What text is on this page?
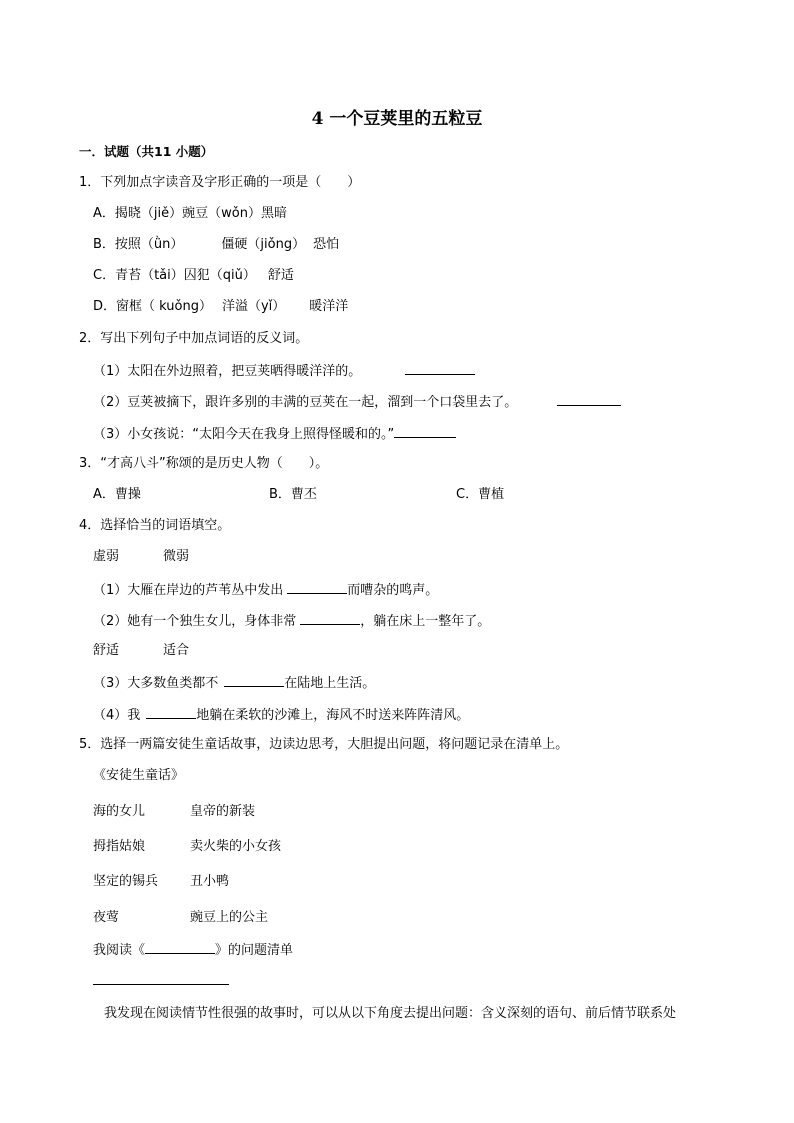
4 一个豆荚里的五粒豆
一．试题（共11 小题）
1．下列加点字读音及字形正确的一项是（　　）
A．揭晓（jiě）豌豆（wǒn）黑暗
B．按照（ǜn）	僵硬（jiǒng） 恐怕
C．青苔（tǎi）囚犯（qiǔ） 舒适
D．窗框（ kuǒng） 洋溢（yǐ） 暖洋洋
2．写出下列句子中加点词语的反义词。
（1）太阳在外边照着，把豆荚晒得暖洋洋的。
（2）豆荚被摘下，跟许多别的丰满的豆荚在一起，溜到一个口袋里去了。
（3）小女孩说：“太阳今天在我身上照得怪暖和的。”
3．“才高八斗”称颂的是历史人物（　　）。
A．曹操	B．曹丕	C．曹植
4．选择恰当的词语填空。
虚弱	微弱
（1）大雁在岸边的芦苇丛中发出	而嘈杂的鸣声。
（2）她有一个独生女儿，身体非常	，躺在床上一整年了。
舒适	适合
（3）大多数鱼类都不	在陆地上生活。
（4）我	地躺在柔软的沙滩上，海风不时送来阵阵清风。
5．选择一两篇安徒生童话故事，边读边思考，大胆提出问题，将问题记录在清单上。
《安徒生童话》
海的女儿	皇帝的新装
拇指姑娘	卖火柴的小女孩
坚定的锡兵 丑小鸭
夜莺	豌豆上的公主
我阅读《	》的问题清单
我发现在阅读情节性很强的故事时，可以从以下角度去提出问题：含义深刻的语句、前后情节联系处
